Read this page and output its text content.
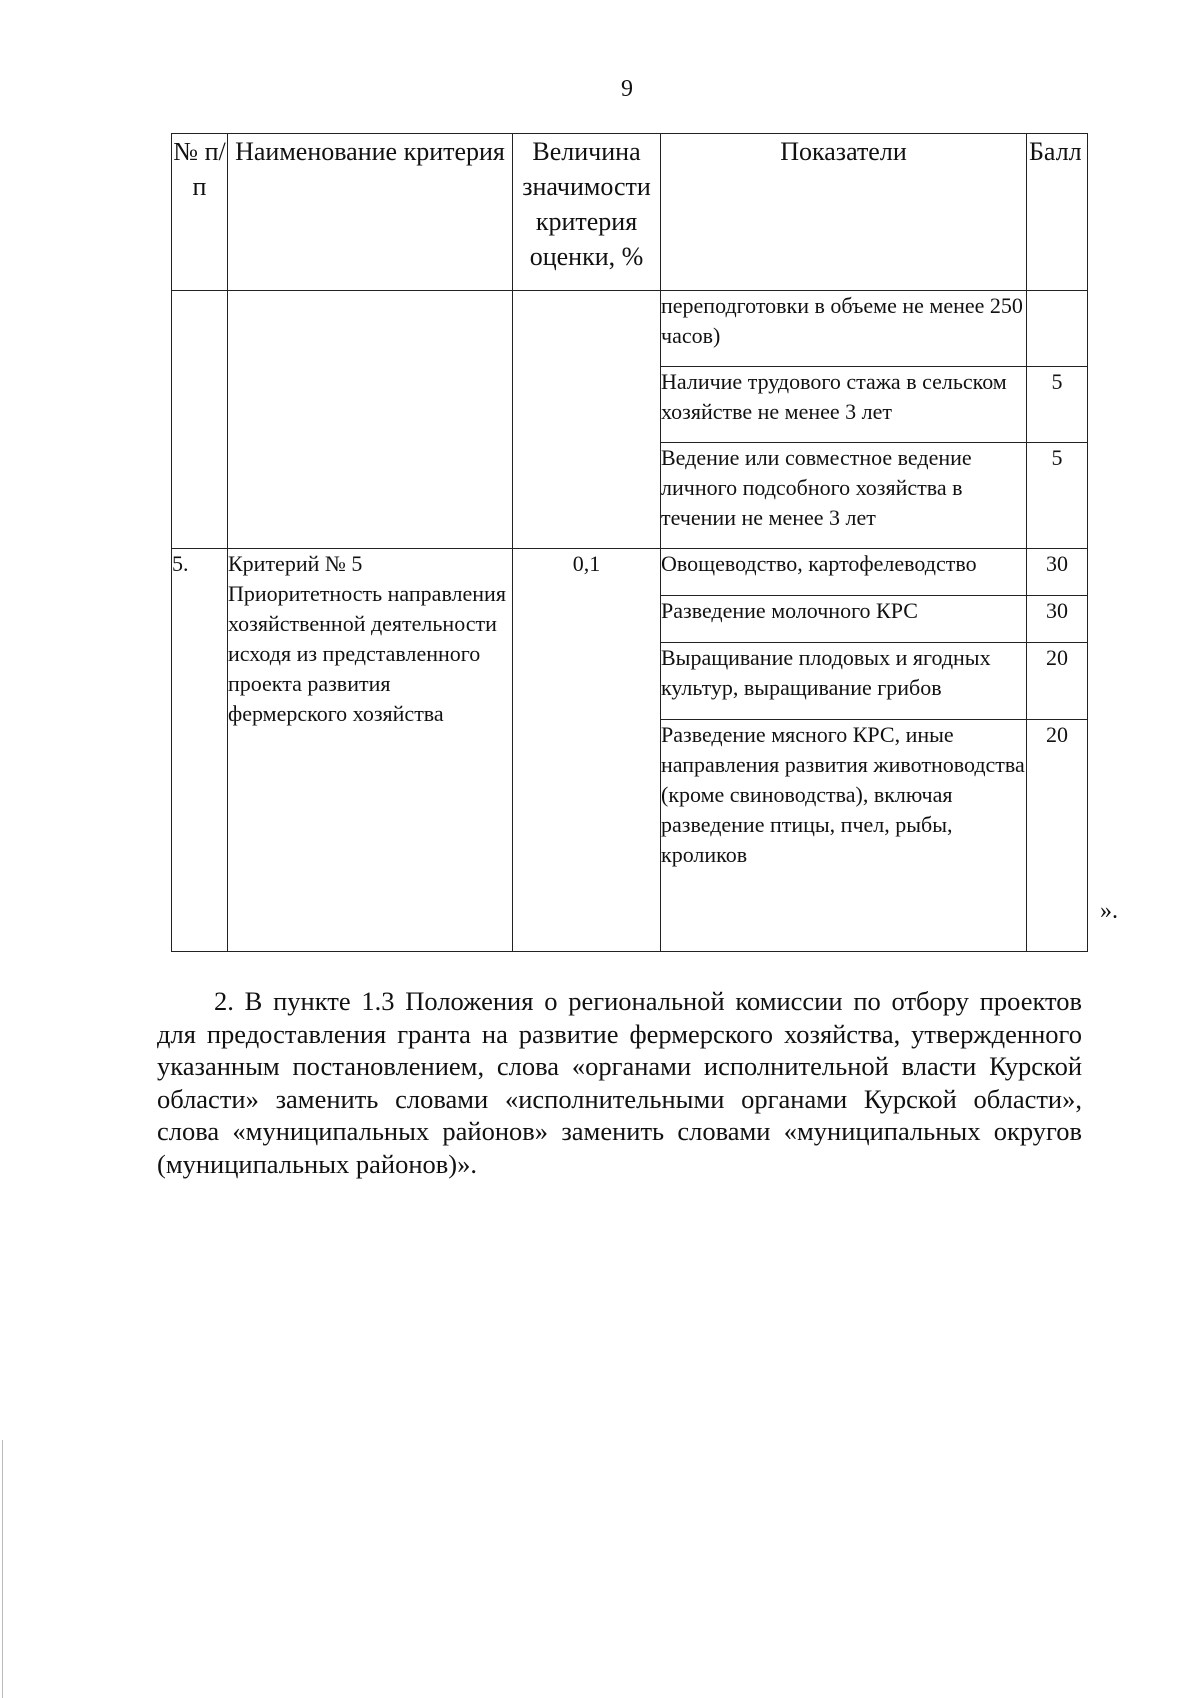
9
№ п/п	Наименование критерия	Величина значимости критерия оценки, %	Показатели	Балл
			переподготовки в объеме не менее 250 часов)	
			Наличие трудового стажа в сельском хозяйстве не менее 3 лет	5
			Ведение или совместное ведение личного подсобного хозяйства в течении не менее 3 лет	5
5.	Критерий № 5 Приоритетность направления хозяйственной деятельности исходя из представленного проекта развития фермерского хозяйства	0,1	Овощеводство, картофелеводство	30
			Разведение молочного КРС	30
			Выращивание плодовых и ягодных культур, выращивание грибов	20
			Разведение мясного КРС, иные направления развития животноводства (кроме свиноводства), включая разведение птицы, пчел, рыбы, кроликов	20
».

2. В пункте 1.3 Положения о региональной комиссии по отбору проектов для предоставления гранта на развитие фермерского хозяйства, утвержденного указанным постановлением, слова «органами исполнительной власти Курской области» заменить словами «исполнительными органами Курской области», слова «муниципальных районов» заменить словами «муниципальных округов (муниципальных районов)».
